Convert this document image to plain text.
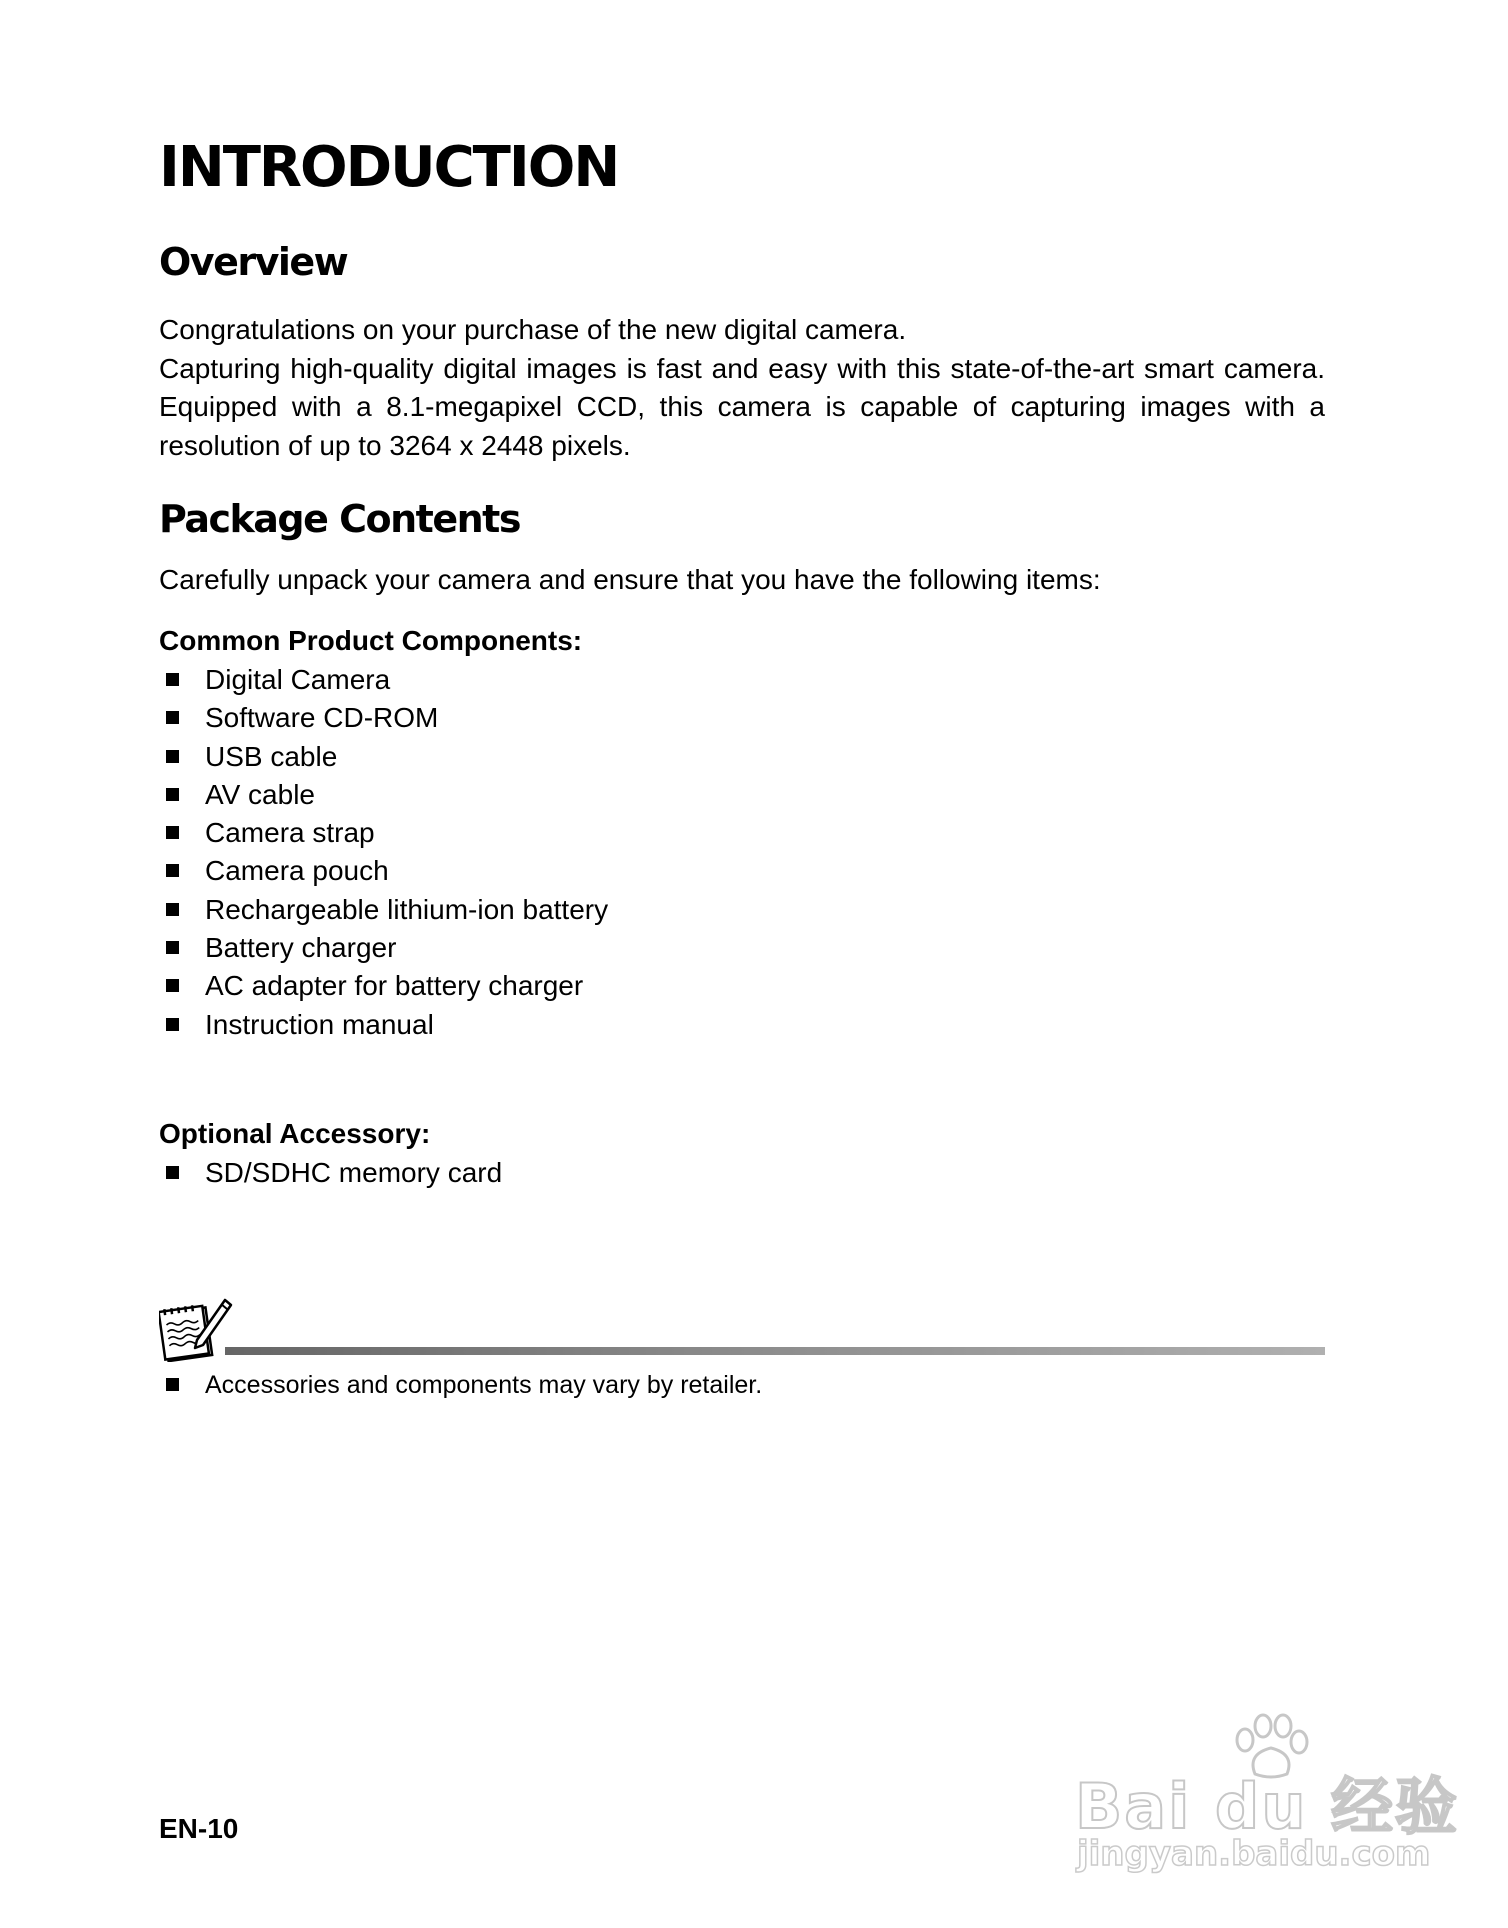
INTRODUCTION
Overview
Congratulations on your purchase of the new digital camera.
Capturing high-quality digital images is fast and easy with this state-of-the-art smart camera. Equipped with a 8.1-megapixel CCD, this camera is capable of capturing images with a resolution of up to 3264 x 2448 pixels.
Package Contents

Carefully unpack your camera and ensure that you have the following items:

Common Product Components:

Digital Camera
Software CD-ROM
USB cable
AV cable
Camera strap
Camera pouch
Rechargeable lithium-ion battery
Battery charger
AC adapter for battery charger
Instruction manual

Optional Accessory:

SD/SDHC memory card
Accessories and components may vary by retailer.
EN-10	Bai du 经验
jingyan.baidu.com
